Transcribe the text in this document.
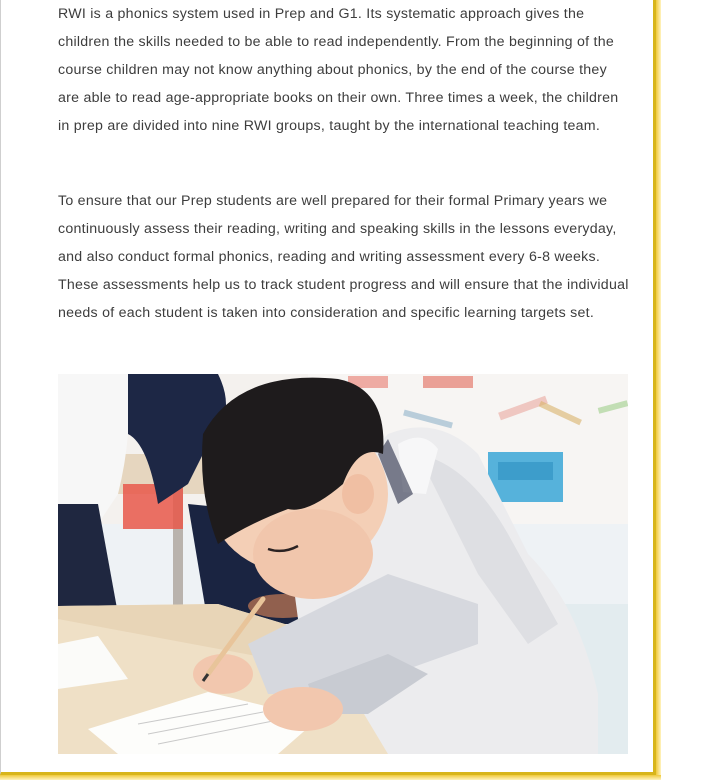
RWI is a phonics system used in Prep and G1. Its systematic approach gives the children the skills needed to be able to read independently. From the beginning of the course children may not know anything about phonics, by the end of the course they are able to read age-appropriate books on their own. Three times a week, the children in prep are divided into nine RWI groups, taught by the international teaching team.

To ensure that our Prep students are well prepared for their formal Primary years we continuously assess their reading, writing and speaking skills in the lessons everyday, and also conduct formal phonics, reading and writing assessment every 6-8 weeks. These assessments help us to track student progress and will ensure that the individual needs of each student is taken into consideration and specific learning targets set.
